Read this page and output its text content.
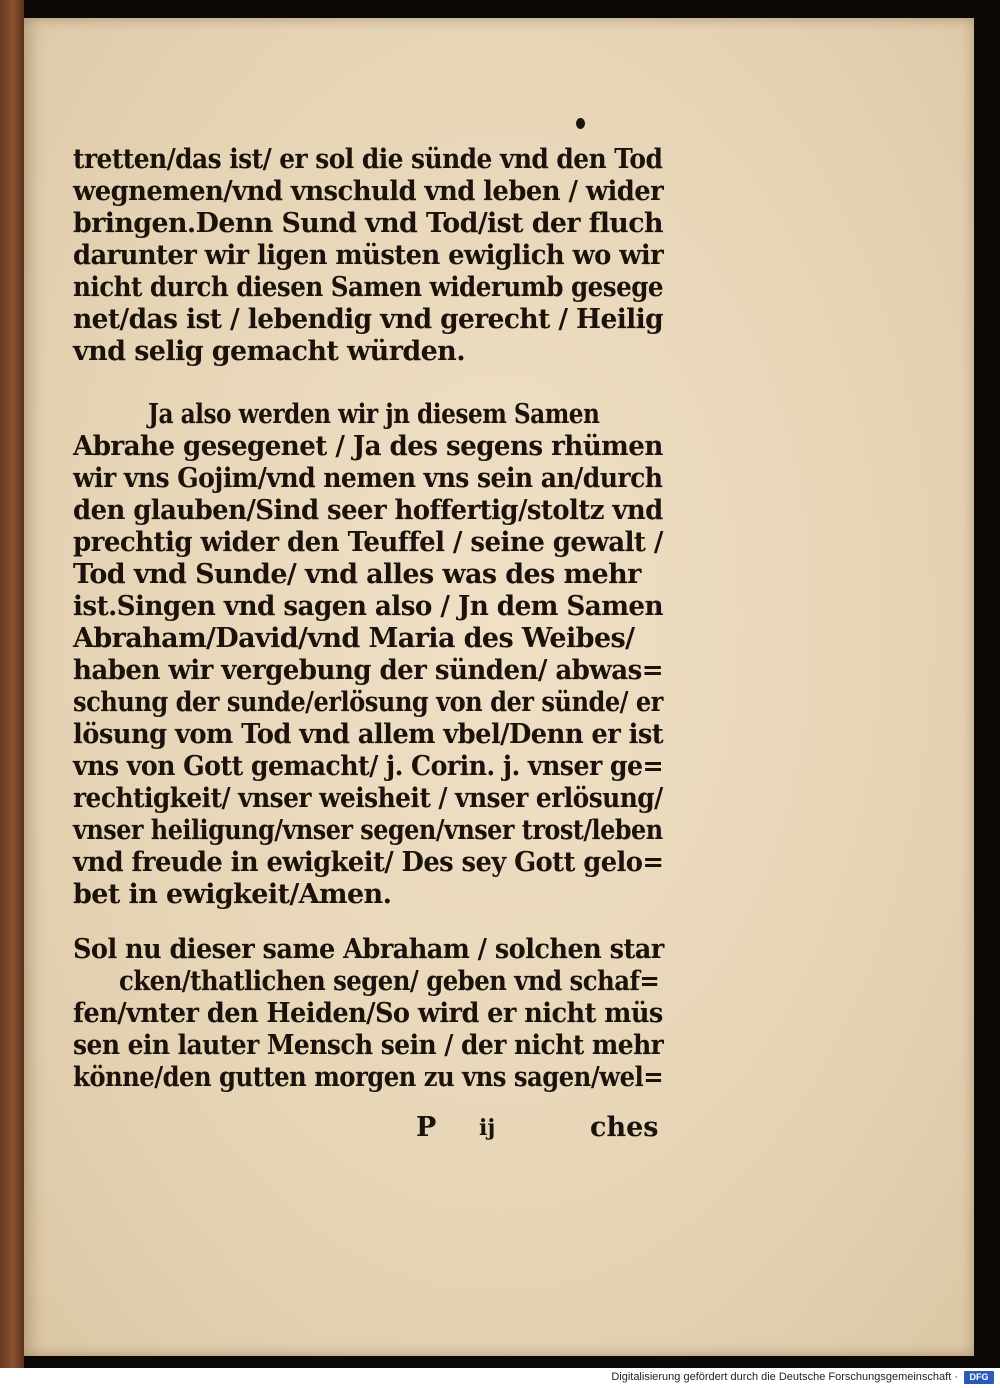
tretten/das ist/ er sol die sünde vnd den Tod

wegnemen/vnd vnschuld vnd leben / wider

bringen.Denn Sund vnd Tod/ist der fluch

darunter wir ligen müsten ewiglich wo wir

nicht durch diesen Samen widerumb gesege

net/das ist / lebendig vnd gerecht / Heilig

vnd selig gemacht würden.

Ja also werden wir jn diesem Samen

Abrahe gesegenet / Ja des segens rhümen

wir vns Gojim/vnd nemen vns sein an/durch

den glauben/Sind seer hoffertig/stoltz vnd

prechtig wider den Teuffel / seine gewalt /

Tod vnd Sunde/ vnd alles was des mehr

ist.Singen vnd sagen also / Jn dem Samen

Abraham/David/vnd Maria des Weibes/

haben wir vergebung der sünden/ abwas=

schung der sunde/erlösung von der sünde/ er

lösung vom Tod vnd allem vbel/Denn er ist

vns von Gott gemacht/ j. Corin. j. vnser ge=

rechtigkeit/ vnser weisheit / vnser erlösung/

vnser heiligung/vnser segen/vnser trost/leben

vnd freude in ewigkeit/ Des sey Gott gelo=

bet in ewigkeit/Amen.

Sol nu dieser same Abraham / solchen star

cken/thatlichen segen/ geben vnd schaf=

fen/vnter den Heiden/So wird er nicht müs

sen ein lauter Mensch sein / der nicht mehr

könne/den gutten morgen zu vns sagen/wel=

P ij	ches
Digitalisierung gefördert durch die Deutsche Forschungsgemeinschaft ·	DFG
